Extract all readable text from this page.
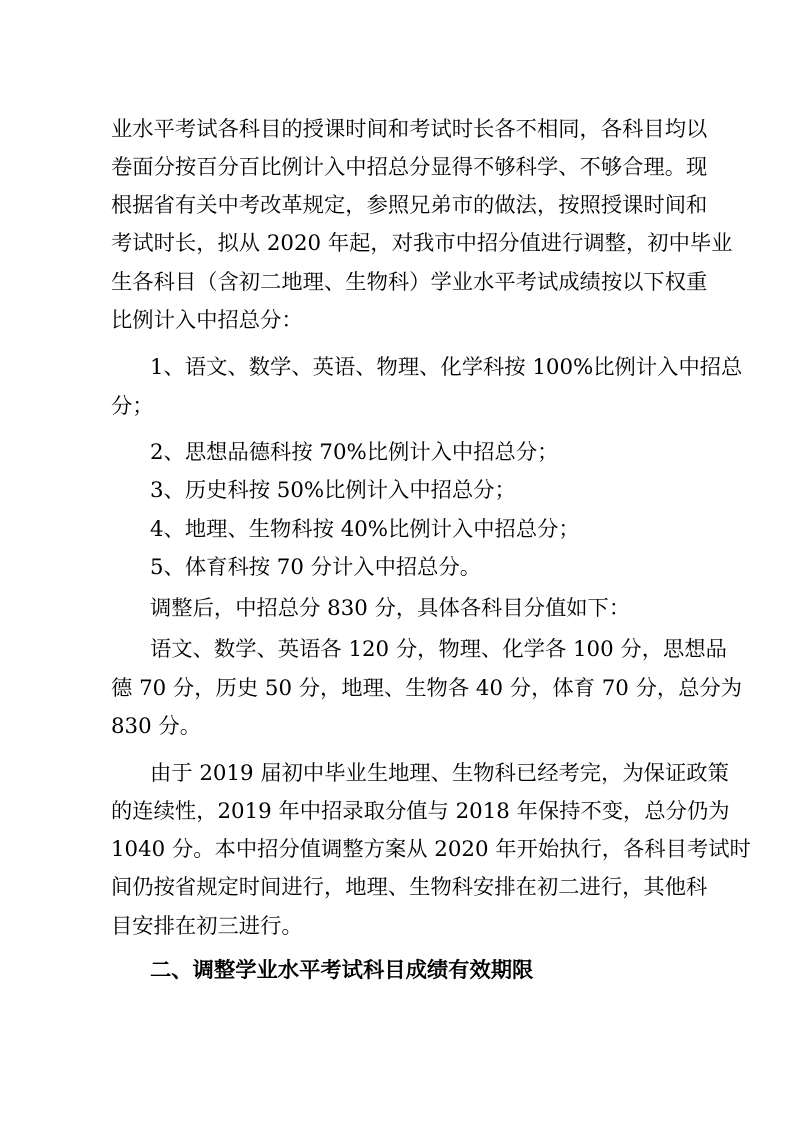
业水平考试各科目的授课时间和考试时长各不相同，各科目均以
卷面分按百分百比例计入中招总分显得不够科学、不够合理。现
根据省有关中考改革规定，参照兄弟市的做法，按照授课时间和
考试时长，拟从 2020 年起，对我市中招分值进行调整，初中毕业
生各科目（含初二地理、生物科）学业水平考试成绩按以下权重
比例计入中招总分：
1、语文、数学、英语、物理、化学科按 100%比例计入中招总
分；
2、思想品德科按 70%比例计入中招总分；
3、历史科按 50%比例计入中招总分；
4、地理、生物科按 40%比例计入中招总分；
5、体育科按 70 分计入中招总分。
调整后，中招总分 830 分，具体各科目分值如下：
语文、数学、英语各 120 分，物理、化学各 100 分，思想品
德 70 分，历史 50 分，地理、生物各 40 分，体育 70 分，总分为
830 分。
由于 2019 届初中毕业生地理、生物科已经考完，为保证政策
的连续性，2019 年中招录取分值与 2018 年保持不变，总分仍为
1040 分。本中招分值调整方案从 2020 年开始执行，各科目考试时
间仍按省规定时间进行，地理、生物科安排在初二进行，其他科
目安排在初三进行。
二、调整学业水平考试科目成绩有效期限
